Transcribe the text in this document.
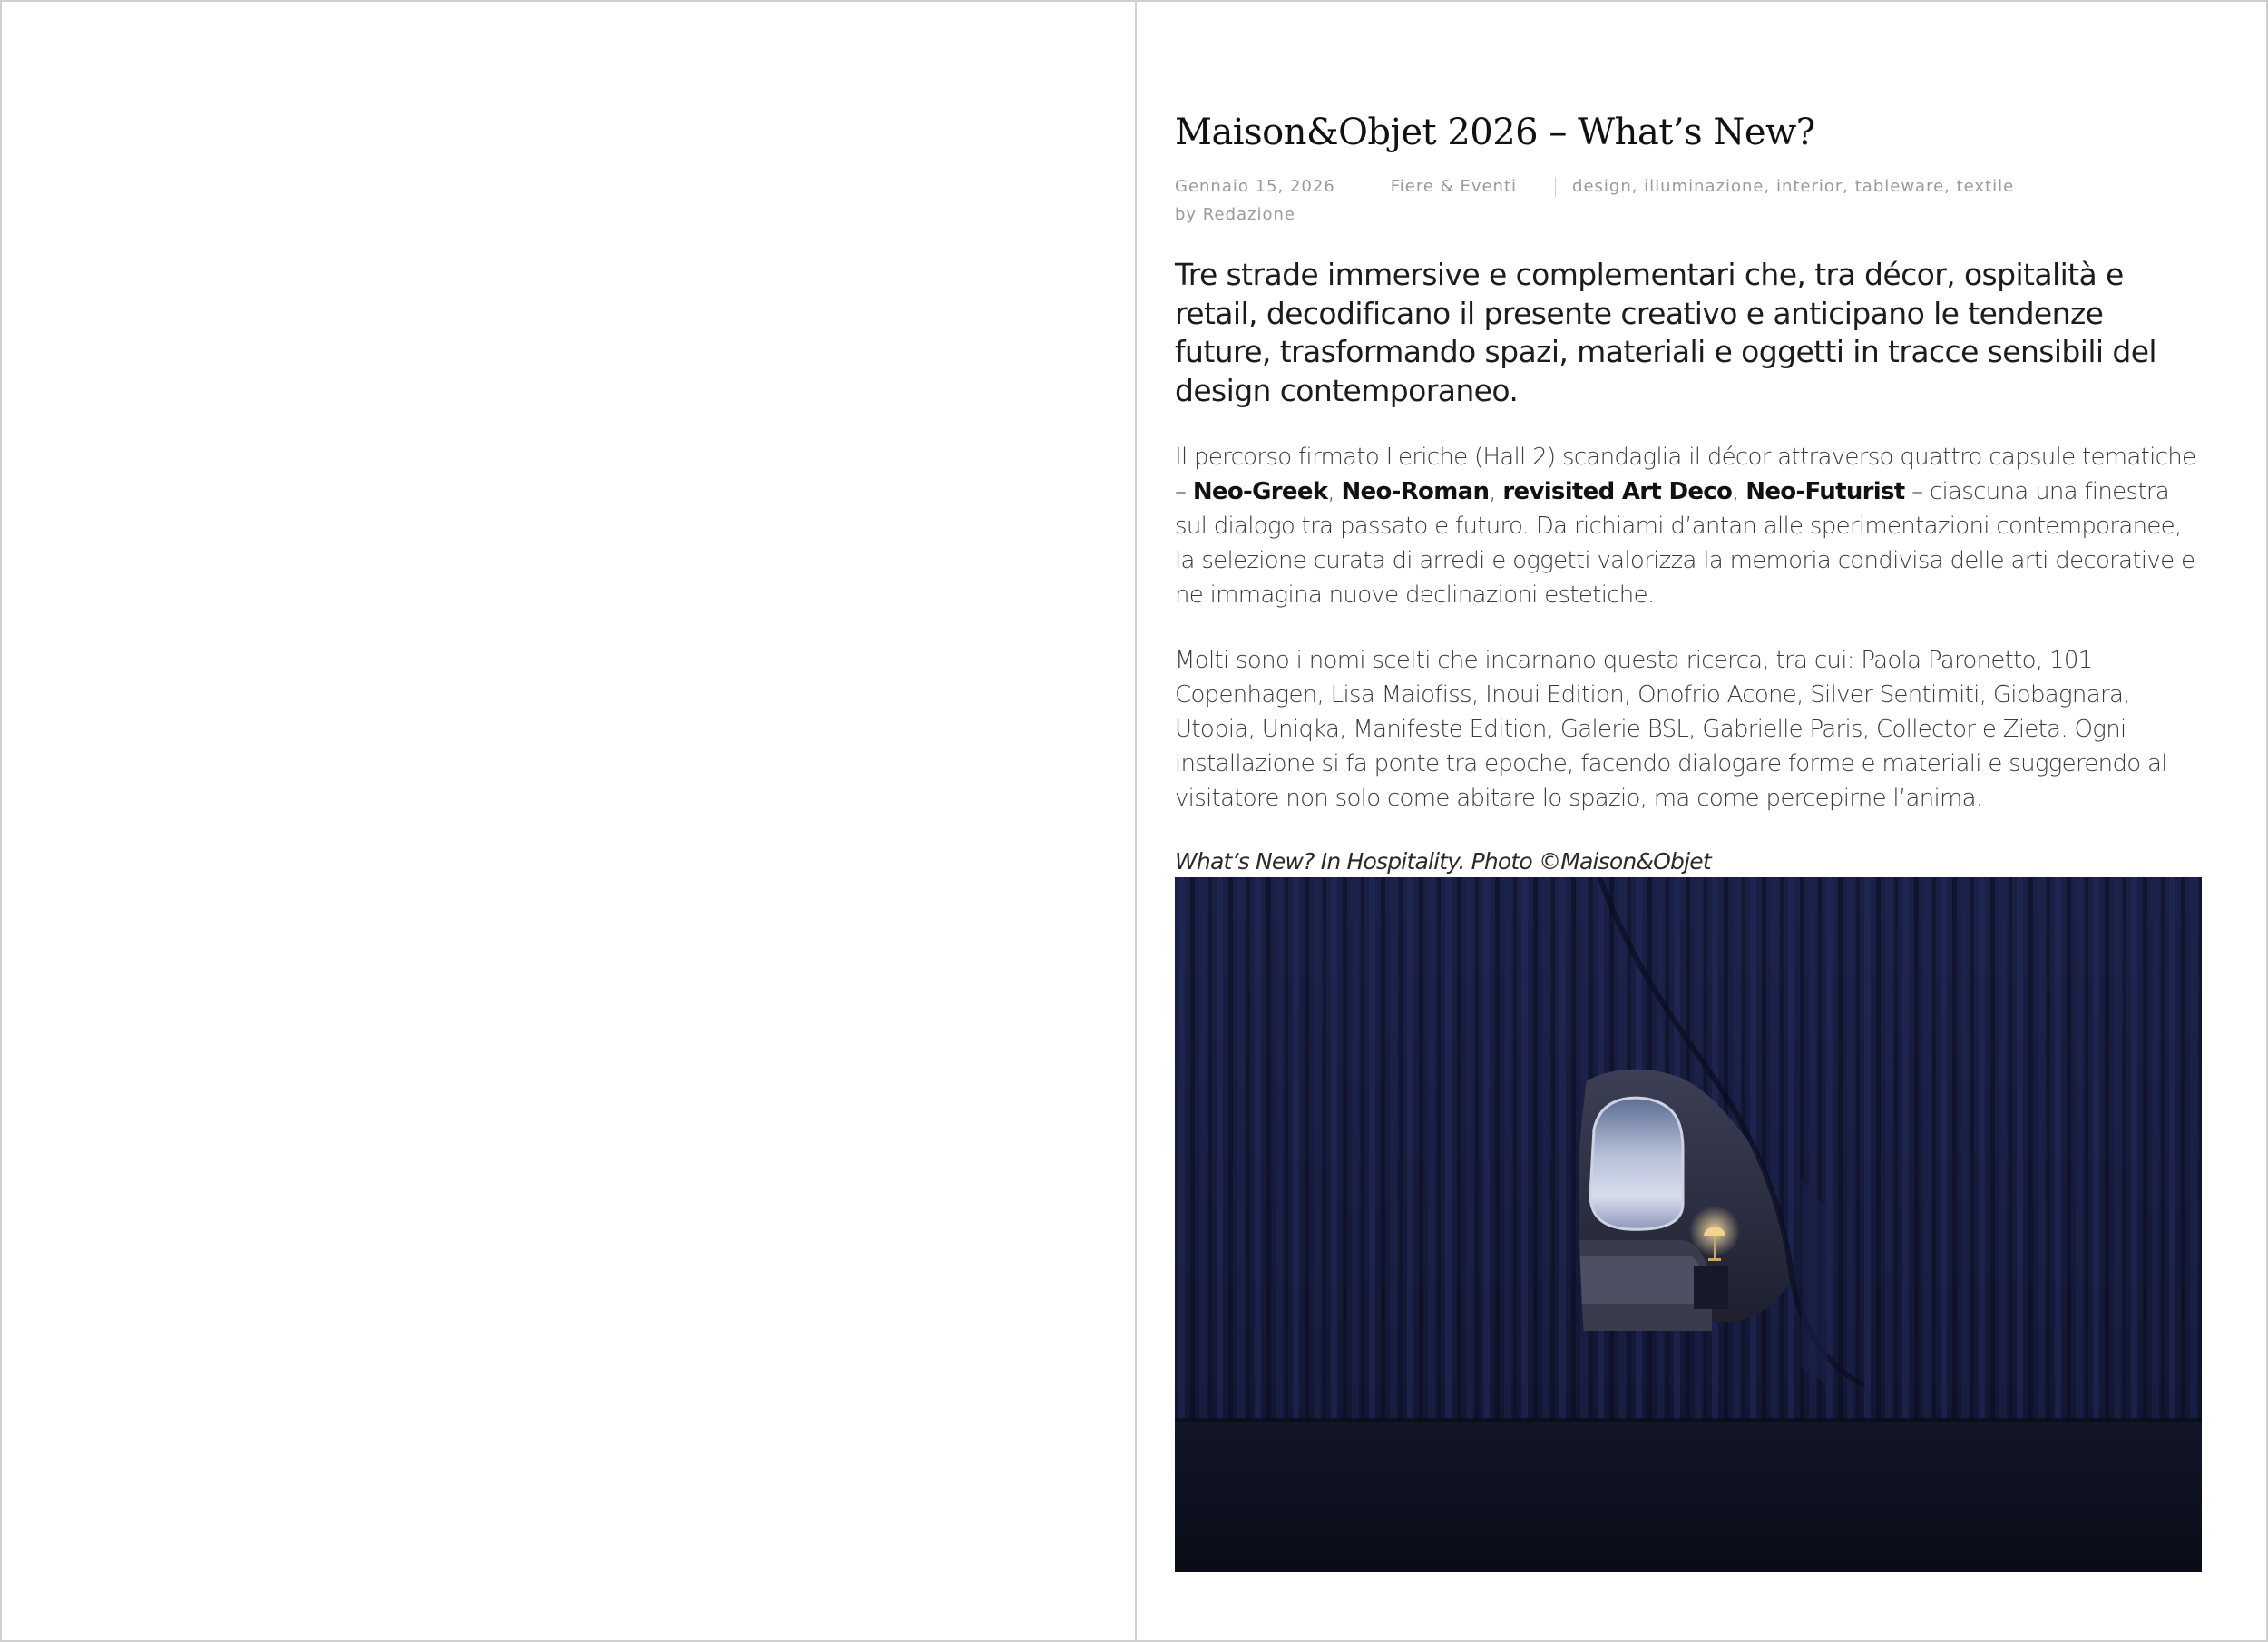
Maison&Objet 2026 – What’s New?
Gennaio 15, 2026	Fiere & Eventi	design, illuminazione, interior, tableware, textile
by Redazione

Tre strade immersive e complementari che, tra décor, ospitalità e retail, decodificano il presente creativo e anticipano le tendenze future, trasformando spazi, materiali e oggetti in tracce sensibili del design contemporaneo.

Il percorso firmato Leriche (Hall 2) scandaglia il décor attraverso quattro capsule tematiche – Neo-Greek, Neo-Roman, revisited Art Deco, Neo-Futurist – ciascuna una finestra sul dialogo tra passato e futuro. Da richiami d’antan alle sperimentazioni contemporanee, la selezione curata di arredi e oggetti valorizza la memoria condivisa delle arti decorative e ne immagina nuove declinazioni estetiche.

Molti sono i nomi scelti che incarnano questa ricerca, tra cui: Paola Paronetto, 101 Copenhagen, Lisa Maiofiss, Inoui Edition, Onofrio Acone, Silver Sentimiti, Giobagnara, Utopia, Uniqka, Manifeste Edition, Galerie BSL, Gabrielle Paris, Collector e Zieta. Ogni installazione si fa ponte tra epoche, facendo dialogare forme e materiali e suggerendo al visitatore non solo come abitare lo spazio, ma come percepirne l’anima.

What’s New? In Hospitality. Photo ©Maison&Objet
